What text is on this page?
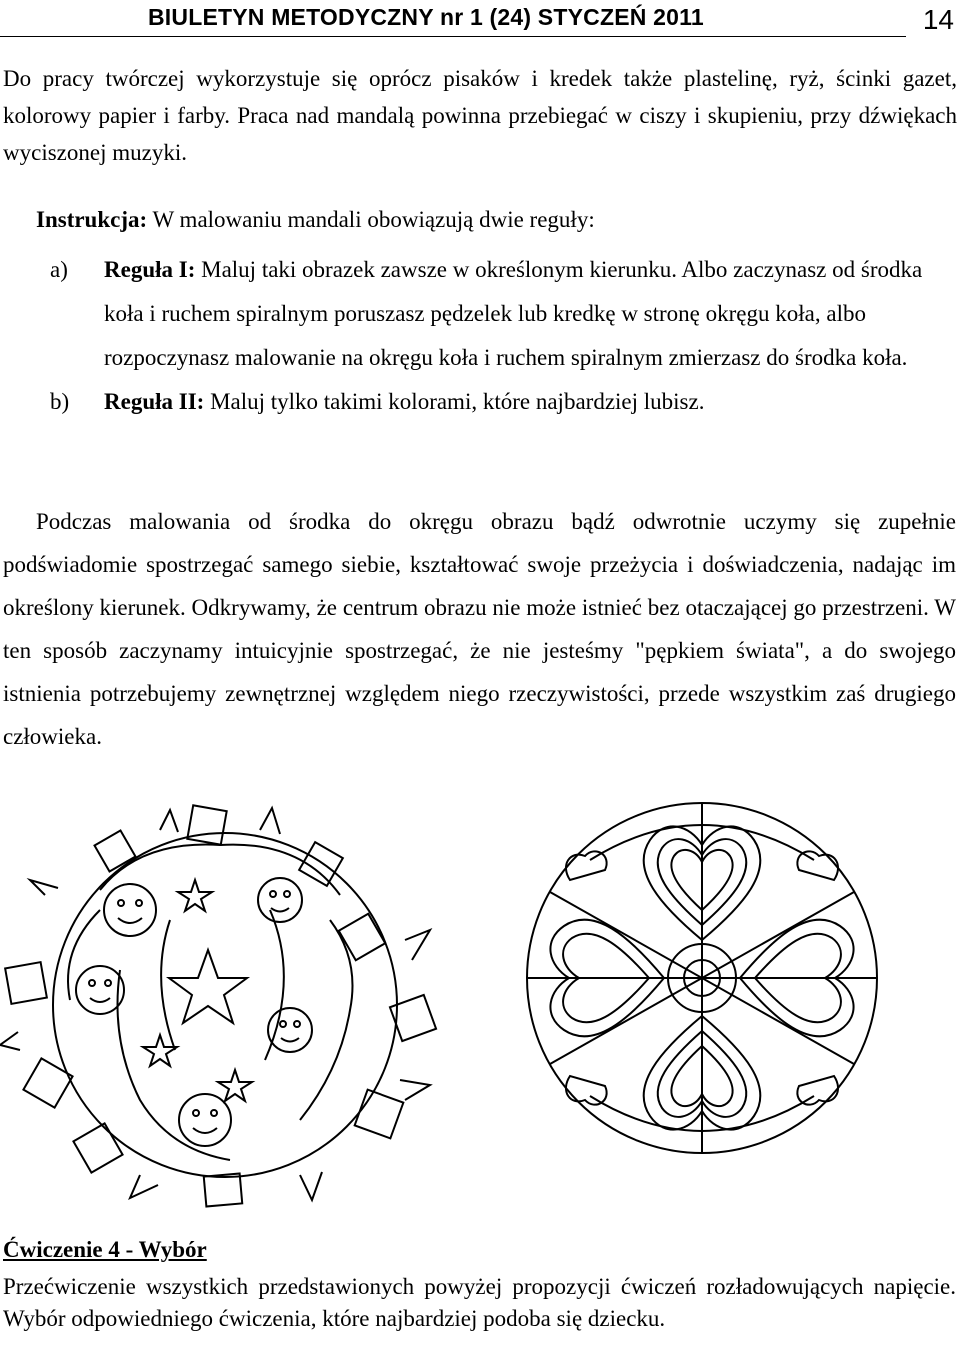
BIULETYN METODYCZNY nr 1 (24) STYCZEŃ 2011	14

Do pracy twórczej wykorzystuje się oprócz pisaków i kredek także plastelinę, ryż, ścinki gazet, kolorowy papier i farby. Praca nad mandalą powinna przebiegać w ciszy i skupieniu, przy dźwiękach wyciszonej muzyki.

Instrukcja: W malowaniu mandali obowiązują dwie reguły:

a) Reguła I: Maluj taki obrazek zawsze w określonym kierunku. Albo zaczynasz od środka koła i ruchem spiralnym poruszasz pędzelek lub kredkę w stronę okręgu koła, albo rozpoczynasz malowanie na okręgu koła i ruchem spiralnym zmierzasz do środka koła.
b) Reguła II: Maluj tylko takimi kolorami, które najbardziej lubisz.

Podczas malowania od środka do okręgu obrazu bądź odwrotnie uczymy się zupełnie podświadomie spostrzegać samego siebie, kształtować swoje przeżycia i doświadczenia, nadając im określony kierunek. Odkrywamy, że centrum obrazu nie może istnieć bez otaczającej go przestrzeni. W ten sposób zaczynamy intuicyjnie spostrzegać, że nie jesteśmy "pępkiem świata", a do swojego istnienia potrzebujemy zewnętrznej względem niego rzeczywistości, przede wszystkim zaś drugiego człowieka.

Ćwiczenie 4 - Wybór

Przećwiczenie wszystkich przedstawionych powyżej propozycji ćwiczeń rozładowujących napięcie. Wybór odpowiedniego ćwiczenia, które najbardziej podoba się dziecku.
